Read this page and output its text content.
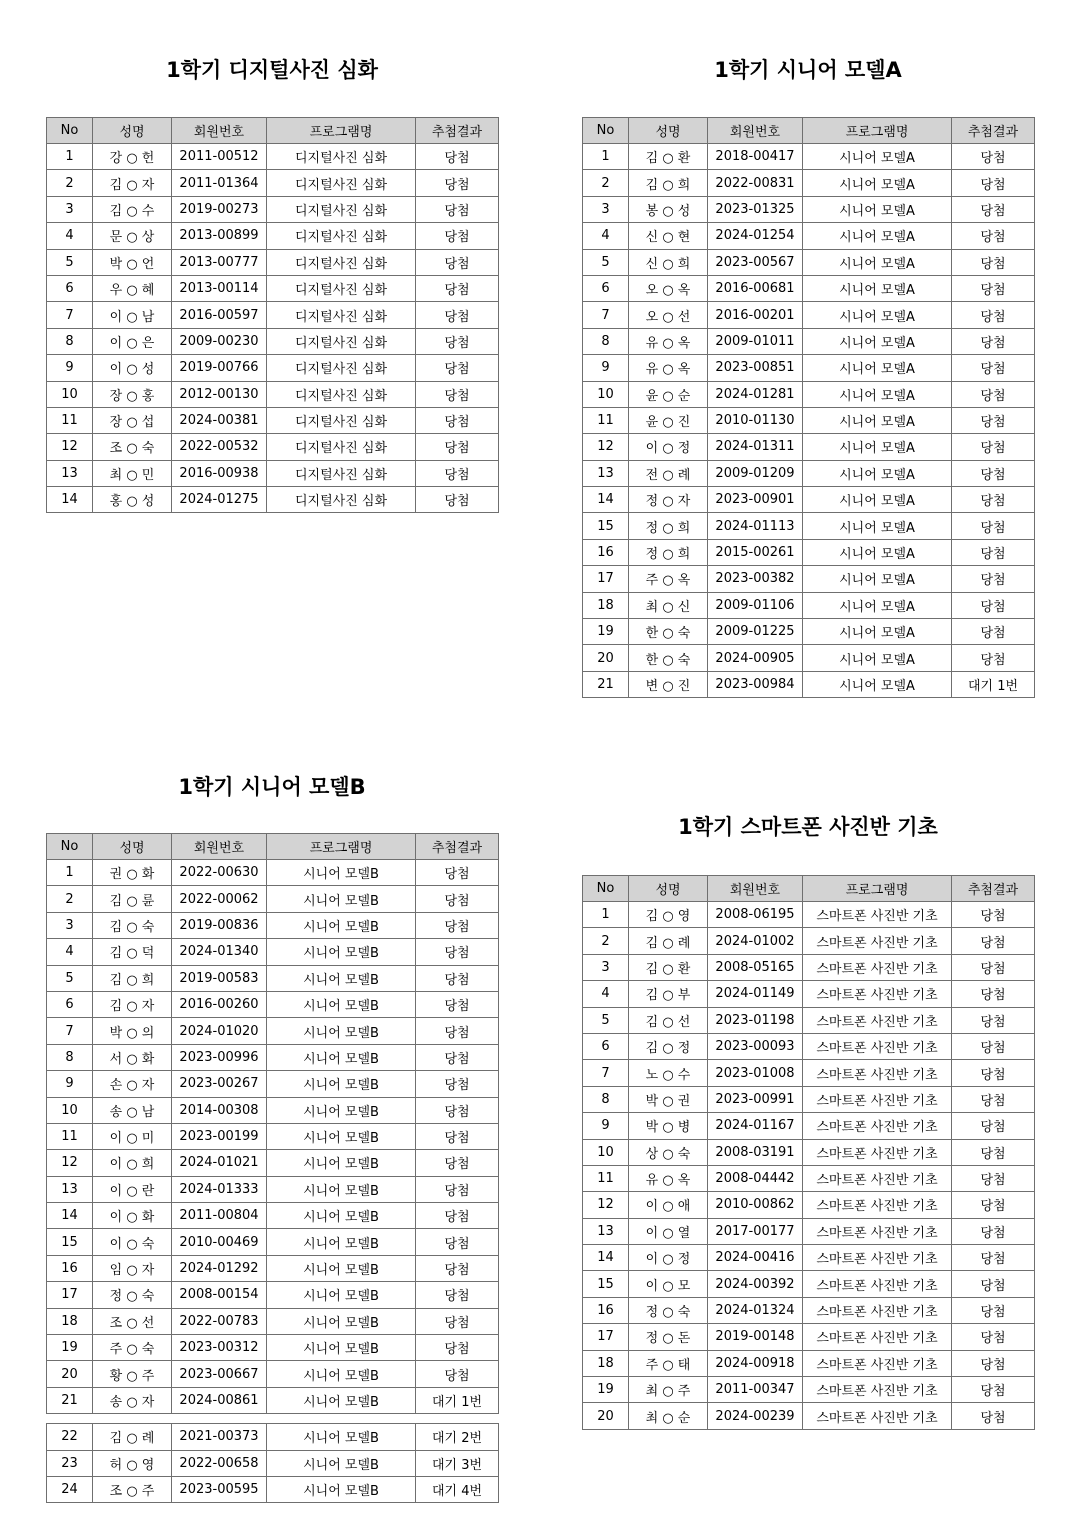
1학기 디지털사진 심화
No	성명	회원번호	프로그램명	추첨결과
1	강 ○ 헌	2011-00512	디지털사진 심화	당첨
2	김 ○ 자	2011-01364	디지털사진 심화	당첨
3	김 ○ 수	2019-00273	디지털사진 심화	당첨
4	문 ○ 상	2013-00899	디지털사진 심화	당첨
5	박 ○ 언	2013-00777	디지털사진 심화	당첨
6	우 ○ 혜	2013-00114	디지털사진 심화	당첨
7	이 ○ 남	2016-00597	디지털사진 심화	당첨
8	이 ○ 은	2009-00230	디지털사진 심화	당첨
9	이 ○ 성	2019-00766	디지털사진 심화	당첨
10	장 ○ 홍	2012-00130	디지털사진 심화	당첨
11	장 ○ 섭	2024-00381	디지털사진 심화	당첨
12	조 ○ 숙	2022-00532	디지털사진 심화	당첨
13	최 ○ 민	2016-00938	디지털사진 심화	당첨
14	홍 ○ 성	2024-01275	디지털사진 심화	당첨
1학기 시니어 모델A
No	성명	회원번호	프로그램명	추첨결과
1	김 ○ 환	2018-00417	시니어 모델A	당첨
2	김 ○ 희	2022-00831	시니어 모델A	당첨
3	봉 ○ 성	2023-01325	시니어 모델A	당첨
4	신 ○ 현	2024-01254	시니어 모델A	당첨
5	신 ○ 희	2023-00567	시니어 모델A	당첨
6	오 ○ 옥	2016-00681	시니어 모델A	당첨
7	오 ○ 선	2016-00201	시니어 모델A	당첨
8	유 ○ 옥	2009-01011	시니어 모델A	당첨
9	유 ○ 옥	2023-00851	시니어 모델A	당첨
10	윤 ○ 순	2024-01281	시니어 모델A	당첨
11	윤 ○ 진	2010-01130	시니어 모델A	당첨
12	이 ○ 정	2024-01311	시니어 모델A	당첨
13	전 ○ 례	2009-01209	시니어 모델A	당첨
14	정 ○ 자	2023-00901	시니어 모델A	당첨
15	정 ○ 희	2024-01113	시니어 모델A	당첨
16	정 ○ 희	2015-00261	시니어 모델A	당첨
17	주 ○ 옥	2023-00382	시니어 모델A	당첨
18	최 ○ 신	2009-01106	시니어 모델A	당첨
19	한 ○ 숙	2009-01225	시니어 모델A	당첨
20	한 ○ 숙	2024-00905	시니어 모델A	당첨
21	변 ○ 진	2023-00984	시니어 모델A	대기 1번
1학기 시니어 모델B
No	성명	회원번호	프로그램명	추첨결과
1	권 ○ 화	2022-00630	시니어 모델B	당첨
2	김 ○ 륜	2022-00062	시니어 모델B	당첨
3	김 ○ 숙	2019-00836	시니어 모델B	당첨
4	김 ○ 덕	2024-01340	시니어 모델B	당첨
5	김 ○ 희	2019-00583	시니어 모델B	당첨
6	김 ○ 자	2016-00260	시니어 모델B	당첨
7	박 ○ 의	2024-01020	시니어 모델B	당첨
8	서 ○ 화	2023-00996	시니어 모델B	당첨
9	손 ○ 자	2023-00267	시니어 모델B	당첨
10	송 ○ 남	2014-00308	시니어 모델B	당첨
11	이 ○ 미	2023-00199	시니어 모델B	당첨
12	이 ○ 희	2024-01021	시니어 모델B	당첨
13	이 ○ 란	2024-01333	시니어 모델B	당첨
14	이 ○ 화	2011-00804	시니어 모델B	당첨
15	이 ○ 숙	2010-00469	시니어 모델B	당첨
16	임 ○ 자	2024-01292	시니어 모델B	당첨
17	정 ○ 숙	2008-00154	시니어 모델B	당첨
18	조 ○ 선	2022-00783	시니어 모델B	당첨
19	주 ○ 숙	2023-00312	시니어 모델B	당첨
20	황 ○ 주	2023-00667	시니어 모델B	당첨
21	송 ○ 자	2024-00861	시니어 모델B	대기 1번

22	김 ○ 례	2021-00373	시니어 모델B	대기 2번
23	허 ○ 영	2022-00658	시니어 모델B	대기 3번
24	조 ○ 주	2023-00595	시니어 모델B	대기 4번
1학기 스마트폰 사진반 기초
No	성명	회원번호	프로그램명	추첨결과
1	김 ○ 영	2008-06195	스마트폰 사진반 기초	당첨
2	김 ○ 례	2024-01002	스마트폰 사진반 기초	당첨
3	김 ○ 환	2008-05165	스마트폰 사진반 기초	당첨
4	김 ○ 부	2024-01149	스마트폰 사진반 기초	당첨
5	김 ○ 선	2023-01198	스마트폰 사진반 기초	당첨
6	김 ○ 정	2023-00093	스마트폰 사진반 기초	당첨
7	노 ○ 수	2023-01008	스마트폰 사진반 기초	당첨
8	박 ○ 권	2023-00991	스마트폰 사진반 기초	당첨
9	박 ○ 병	2024-01167	스마트폰 사진반 기초	당첨
10	상 ○ 숙	2008-03191	스마트폰 사진반 기초	당첨
11	유 ○ 옥	2008-04442	스마트폰 사진반 기초	당첨
12	이 ○ 애	2010-00862	스마트폰 사진반 기초	당첨
13	이 ○ 열	2017-00177	스마트폰 사진반 기초	당첨
14	이 ○ 정	2024-00416	스마트폰 사진반 기초	당첨
15	이 ○ 모	2024-00392	스마트폰 사진반 기초	당첨
16	정 ○ 숙	2024-01324	스마트폰 사진반 기초	당첨
17	정 ○ 돈	2019-00148	스마트폰 사진반 기초	당첨
18	주 ○ 태	2024-00918	스마트폰 사진반 기초	당첨
19	최 ○ 주	2011-00347	스마트폰 사진반 기초	당첨
20	최 ○ 순	2024-00239	스마트폰 사진반 기초	당첨
